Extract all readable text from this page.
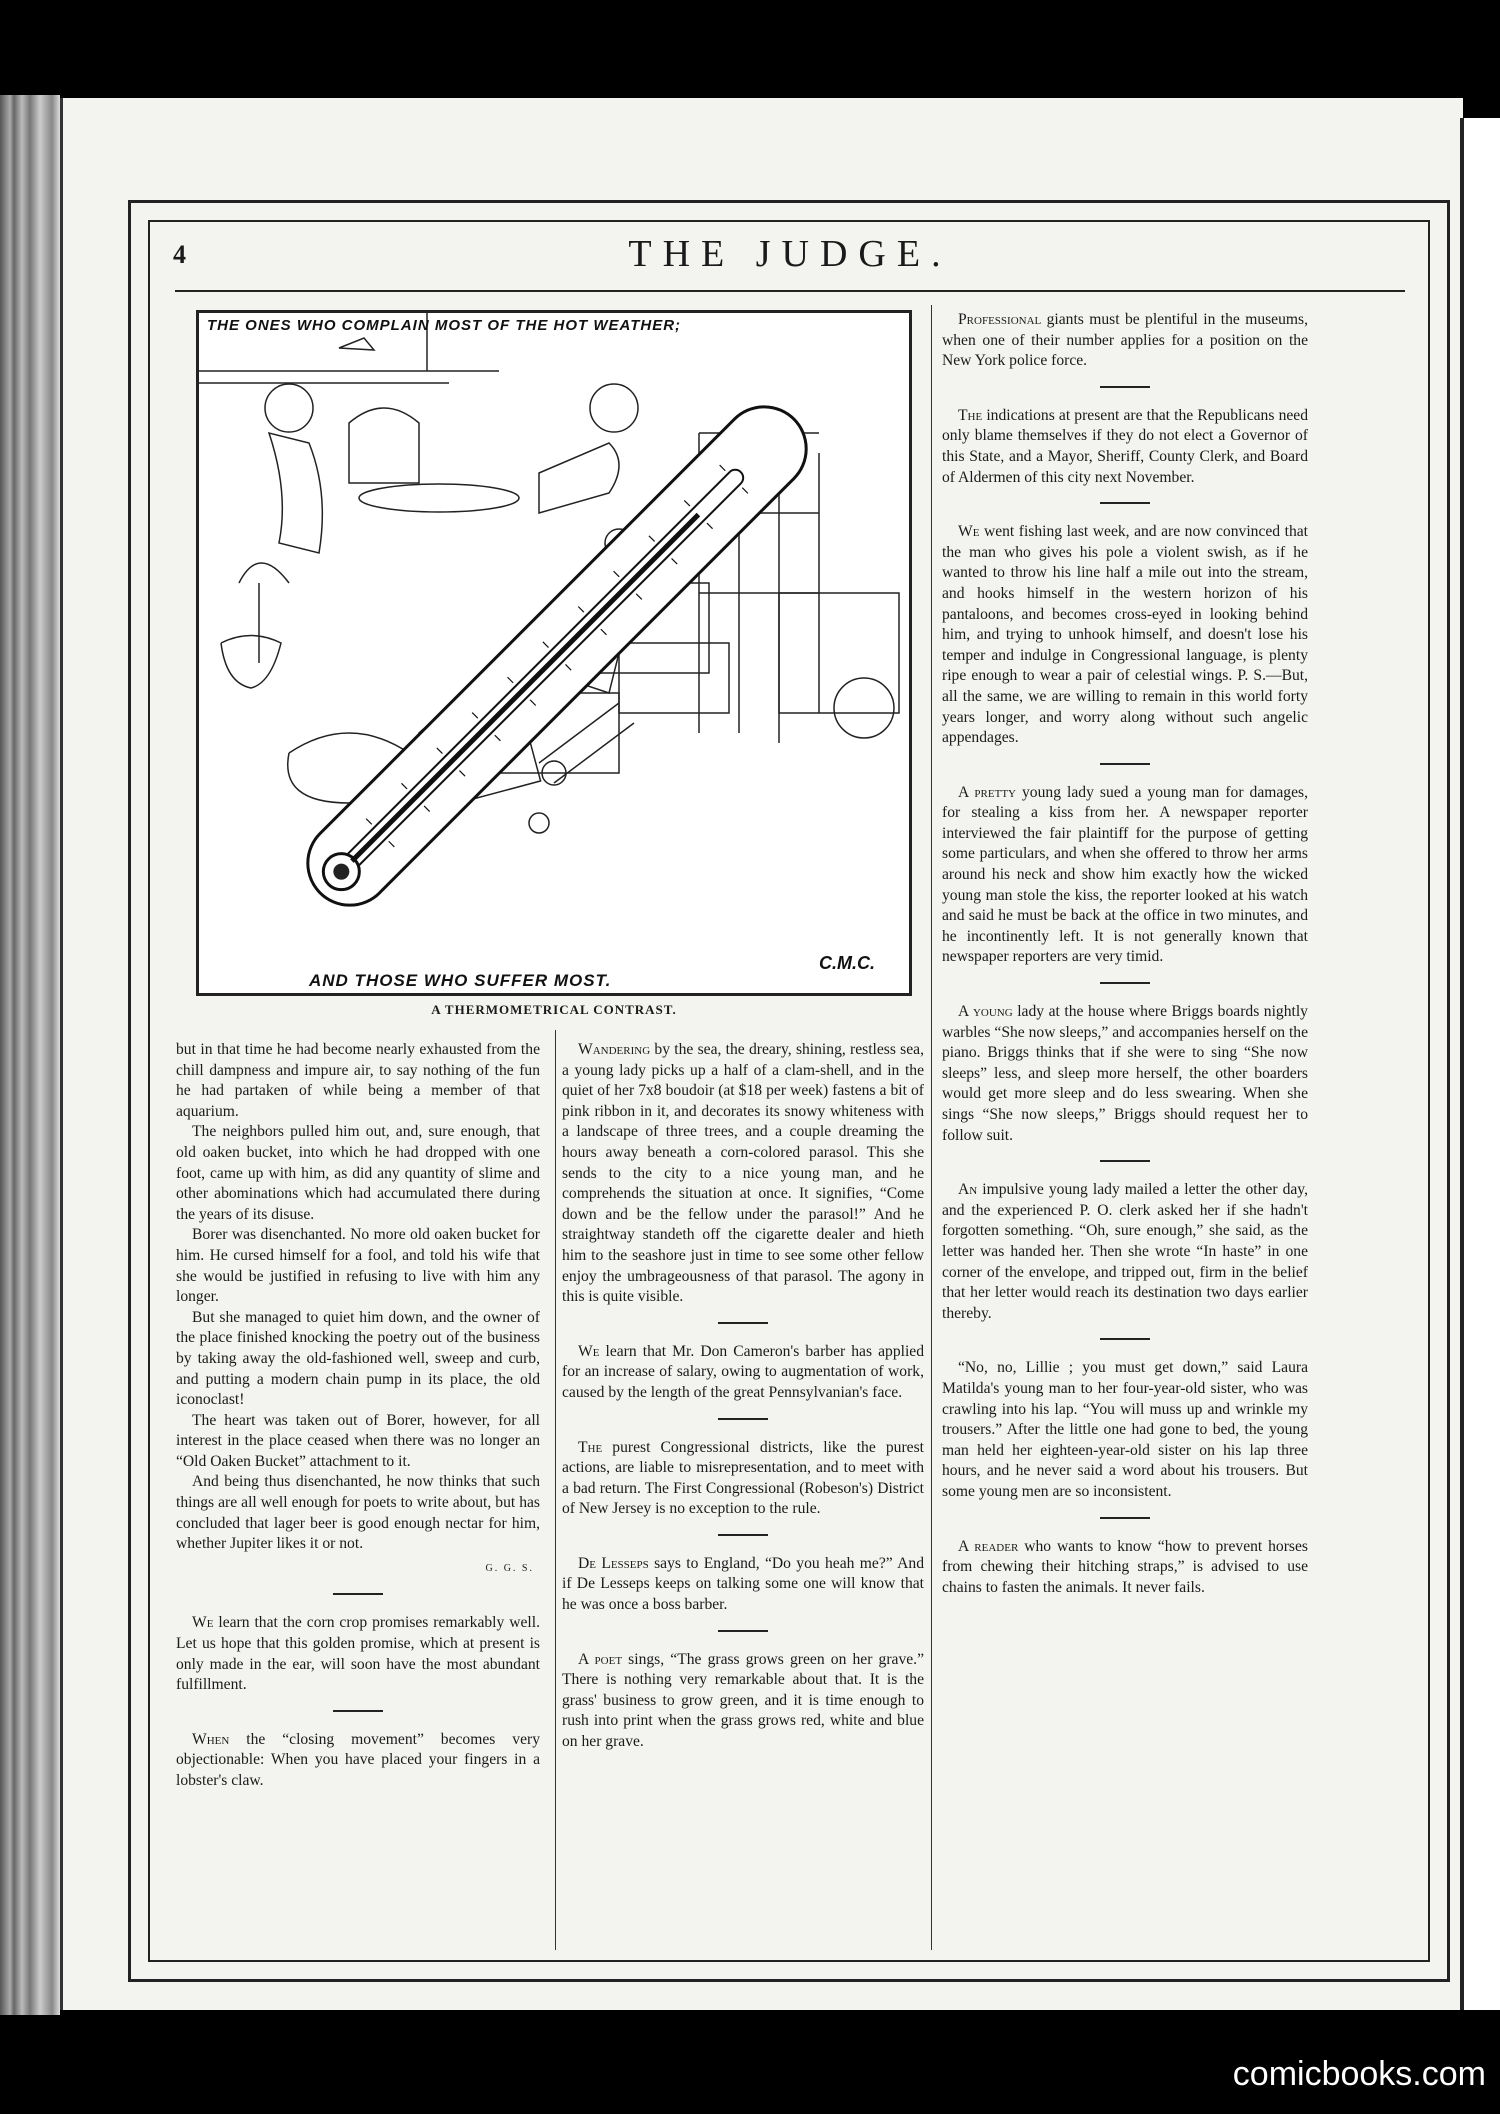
4	THE JUDGE.
THE ONES WHO COMPLAIN MOST OF THE HOT WEATHER;
C.M.C.
AND THOSE WHO SUFFER MOST.
A THERMOMETRICAL CONTRAST.

but in that time he had become nearly exhausted from the chill dampness and impure air, to say nothing of the fun he had partaken of while being a member of that aquarium.

The neighbors pulled him out, and, sure enough, that old oaken bucket, into which he had dropped with one foot, came up with him, as did any quantity of slime and other abominations which had accumulated there during the years of its disuse.

Borer was disenchanted. No more old oaken bucket for him. He cursed himself for a fool, and told his wife that she would be justified in refusing to live with him any longer.

But she managed to quiet him down, and the owner of the place finished knocking the poetry out of the business by taking away the old-fashioned well, sweep and curb, and putting a modern chain pump in its place, the old iconoclast!

The heart was taken out of Borer, however, for all interest in the place ceased when there was no longer an “Old Oaken Bucket” attachment to it.

And being thus disenchanted, he now thinks that such things are all well enough for poets to write about, but has concluded that lager beer is good enough nectar for him, whether Jupiter likes it or not.

G. G. S.

We learn that the corn crop promises remarkably well. Let us hope that this golden promise, which at present is only made in the ear, will soon have the most abundant fulfillment.

When the “closing movement” becomes very objectionable: When you have placed your fingers in a lobster's claw.

Wandering by the sea, the dreary, shining, restless sea, a young lady picks up a half of a clam-shell, and in the quiet of her 7x8 boudoir (at $18 per week) fastens a bit of pink ribbon in it, and decorates its snowy whiteness with a landscape of three trees, and a couple dreaming the hours away beneath a corn-colored parasol. This she sends to the city to a nice young man, and he comprehends the situation at once. It signifies, “Come down and be the fellow under the parasol!” And he straightway standeth off the cigarette dealer and hieth him to the seashore just in time to see some other fellow enjoy the umbrageousness of that parasol. The agony in this is quite visible.

We learn that Mr. Don Cameron's barber has applied for an increase of salary, owing to augmentation of work, caused by the length of the great Pennsylvanian's face.

The purest Congressional districts, like the purest actions, are liable to misrepresentation, and to meet with a bad return. The First Congressional (Robeson's) District of New Jersey is no exception to the rule.

De Lesseps says to England, “Do you heah me?” And if De Lesseps keeps on talking some one will know that he was once a boss barber.

A poet sings, “The grass grows green on her grave.” There is nothing very remarkable about that. It is the grass' business to grow green, and it is time enough to rush into print when the grass grows red, white and blue on her grave.

Professional giants must be plentiful in the museums, when one of their number applies for a position on the New York police force.

The indications at present are that the Republicans need only blame themselves if they do not elect a Governor of this State, and a Mayor, Sheriff, County Clerk, and Board of Aldermen of this city next November.

We went fishing last week, and are now convinced that the man who gives his pole a violent swish, as if he wanted to throw his line half a mile out into the stream, and hooks himself in the western horizon of his pantaloons, and becomes cross-eyed in looking behind him, and trying to unhook himself, and doesn't lose his temper and indulge in Congressional language, is plenty ripe enough to wear a pair of celestial wings. P. S.—But, all the same, we are willing to remain in this world forty years longer, and worry along without such angelic appendages.

A pretty young lady sued a young man for damages, for stealing a kiss from her. A newspaper reporter interviewed the fair plaintiff for the purpose of getting some particulars, and when she offered to throw her arms around his neck and show him exactly how the wicked young man stole the kiss, the reporter looked at his watch and said he must be back at the office in two minutes, and he incontinently left. It is not generally known that newspaper reporters are very timid.

A young lady at the house where Briggs boards nightly warbles “She now sleeps,” and accompanies herself on the piano. Briggs thinks that if she were to sing “She now sleeps” less, and sleep more herself, the other boarders would get more sleep and do less swearing. When she sings “She now sleeps,” Briggs should request her to follow suit.

An impulsive young lady mailed a letter the other day, and the experienced P. O. clerk asked her if she hadn't forgotten something. “Oh, sure enough,” she said, as the letter was handed her. Then she wrote “In haste” in one corner of the envelope, and tripped out, firm in the belief that her letter would reach its destination two days earlier thereby.

“No, no, Lillie ; you must get down,” said Laura Matilda's young man to her four-year-old sister, who was crawling into his lap. “You will muss up and wrinkle my trousers.” After the little one had gone to bed, the young man held her eighteen-year-old sister on his lap three hours, and he never said a word about his trousers. But some young men are so inconsistent.

A reader who wants to know “how to prevent horses from chewing their hitching straps,” is advised to use chains to fasten the animals. It never fails.

comicbooks.com
